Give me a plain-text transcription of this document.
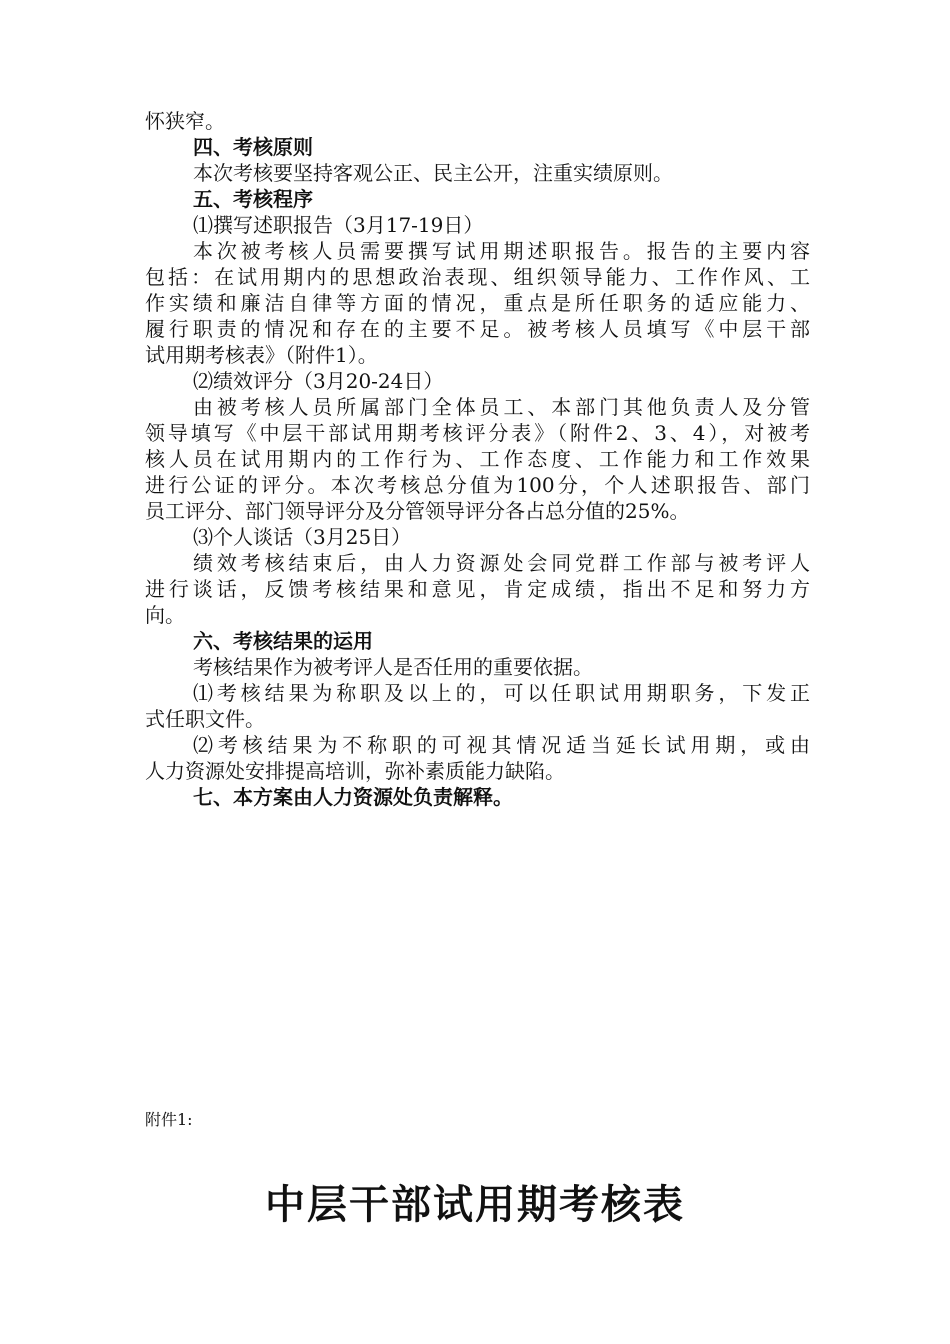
怀狭窄。
四、考核原则
本次考核要坚持客观公正、民主公开，注重实绩原则。
五、考核程序
⑴撰写述职报告（3月17-19日）
本次被考核人员需要撰写试用期述职报告。报告的主要内容
包括：在试用期内的思想政治表现、组织领导能力、工作作风、工
作实绩和廉洁自律等方面的情况，重点是所任职务的适应能力、
履行职责的情况和存在的主要不足。被考核人员填写《中层干部
试用期考核表》（附件1）。
⑵绩效评分（3月20-24日）
由被考核人员所属部门全体员工、本部门其他负责人及分管
领导填写《中层干部试用期考核评分表》（附件2、3、4），对被考
核人员在试用期内的工作行为、工作态度、工作能力和工作效果
进行公证的评分。本次考核总分值为100分，个人述职报告、部门
员工评分、部门领导评分及分管领导评分各占总分值的25%。
⑶个人谈话（3月25日）
绩效考核结束后，由人力资源处会同党群工作部与被考评人
进行谈话，反馈考核结果和意见，肯定成绩，指出不足和努力方
向。
六、考核结果的运用
考核结果作为被考评人是否任用的重要依据。
⑴考核结果为称职及以上的，可以任职试用期职务，下发正
式任职文件。
⑵考核结果为不称职的可视其情况适当延长试用期，或由
人力资源处安排提高培训，弥补素质能力缺陷。
七、本方案由人力资源处负责解释。
附件1:
中层干部试用期考核表
